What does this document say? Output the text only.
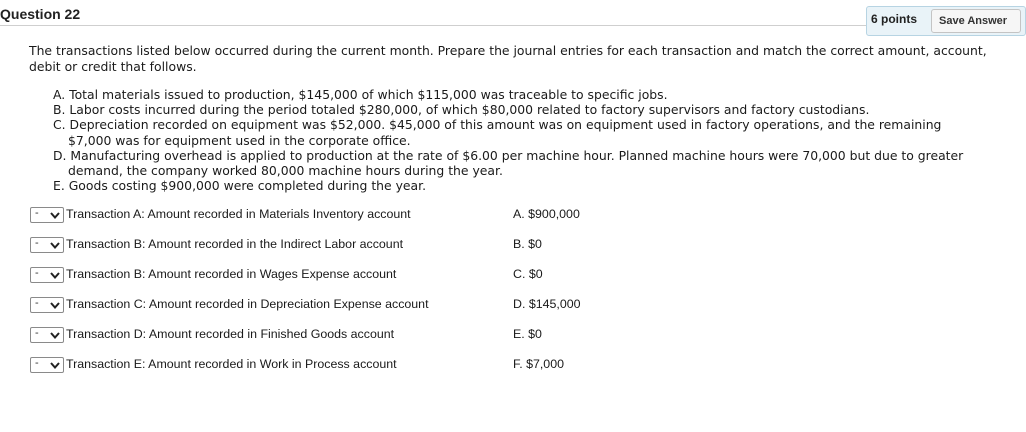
Question 22	6 points	Save Answer
The transactions listed below occurred during the current month. Prepare the journal entries for each transaction and match the correct amount, account, debit or credit that follows.
A. Total materials issued to production, $145,000 of which $115,000 was traceable to specific jobs.
B. Labor costs incurred during the period totaled $280,000, of which $80,000 related to factory supervisors and factory custodians.
C. Depreciation recorded on equipment was $52,000. $45,000 of this amount was on equipment used in factory operations, and the remaining $7,000 was for equipment used in the corporate office.
D. Manufacturing overhead is applied to production at the rate of $6.00 per machine hour. Planned machine hours were 70,000 but due to greater demand, the company worked 80,000 machine hours during the year.
E. Goods costing $900,000 were completed during the year.
- Transaction A: Amount recorded in Materials Inventory account
- Transaction B: Amount recorded in the Indirect Labor account
- Transaction B: Amount recorded in Wages Expense account
- Transaction C: Amount recorded in Depreciation Expense account
- Transaction D: Amount recorded in Finished Goods account
- Transaction E: Amount recorded in Work in Process account
A. $900,000
B. $0
C. $0
D. $145,000
E. $0
F. $7,000
